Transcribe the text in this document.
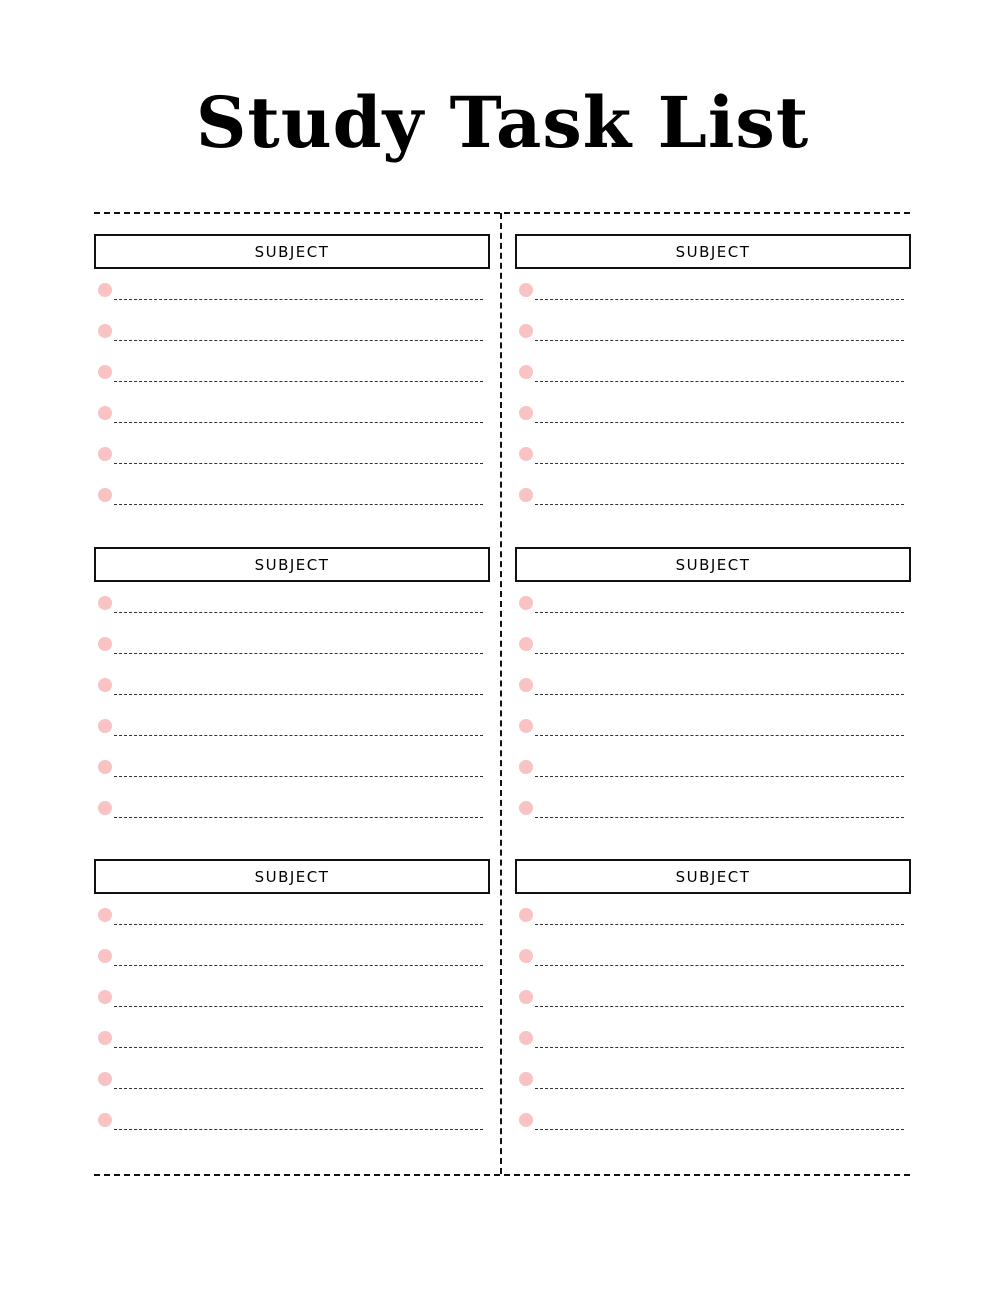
Study Task List
SUBJECT	SUBJECT
SUBJECT	SUBJECT
SUBJECT	SUBJECT
